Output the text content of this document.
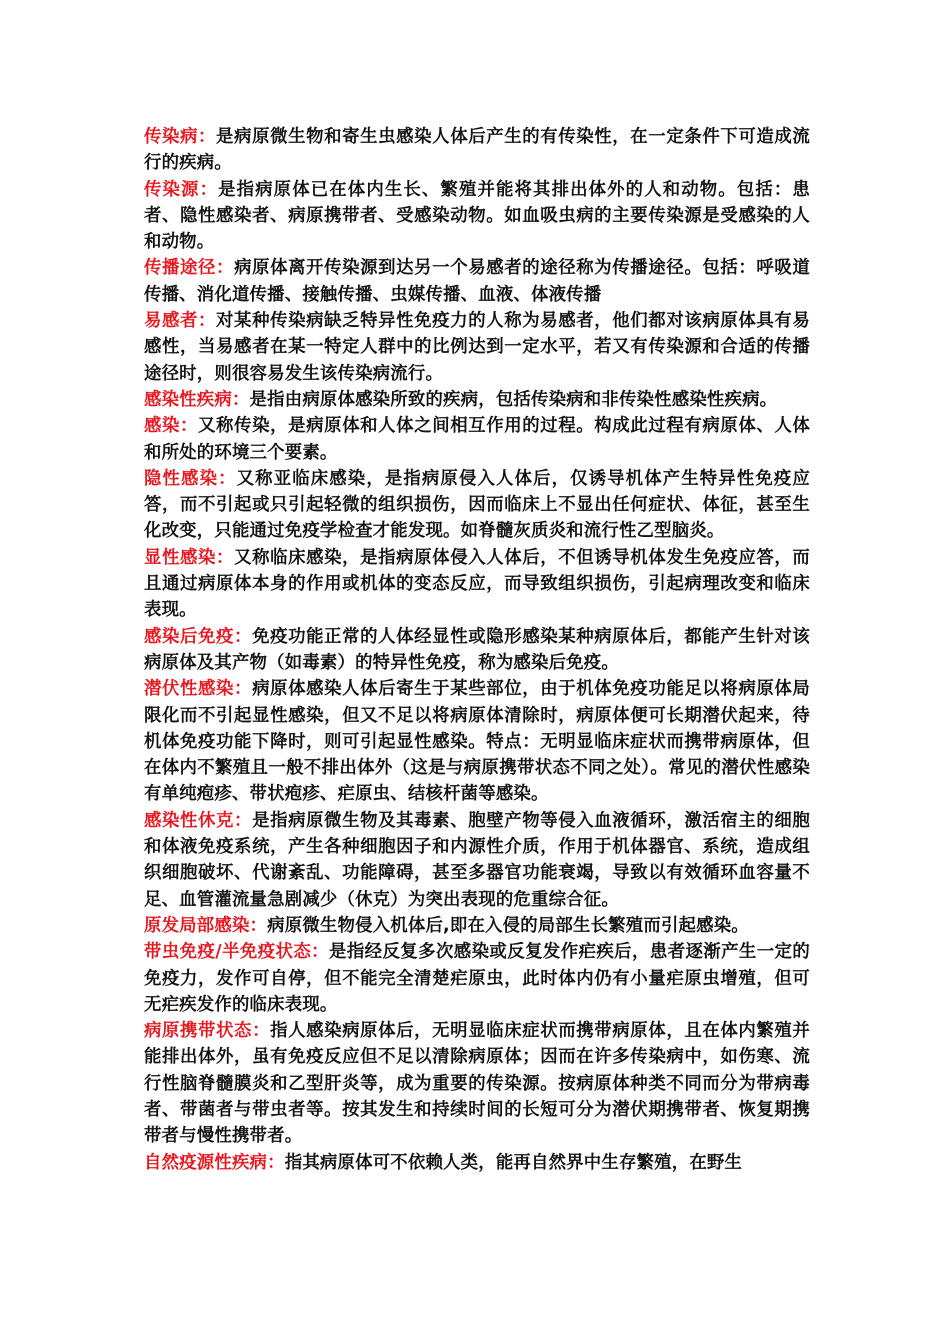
传染病：是病原微生物和寄生虫感染人体后产生的有传染性，在一定条件下可造成流行的疾病。

传染源：是指病原体已在体内生长、繁殖并能将其排出体外的人和动物。包括：患者、隐性感染者、病原携带者、受感染动物。如血吸虫病的主要传染源是受感染的人和动物。

传播途径：病原体离开传染源到达另一个易感者的途径称为传播途径。包括：呼吸道传播、消化道传播、接触传播、虫媒传播、血液、体液传播

易感者：对某种传染病缺乏特异性免疫力的人称为易感者，他们都对该病原体具有易感性，当易感者在某一特定人群中的比例达到一定水平，若又有传染源和合适的传播途径时，则很容易发生该传染病流行。

感染性疾病：是指由病原体感染所致的疾病，包括传染病和非传染性感染性疾病。

感染：又称传染，是病原体和人体之间相互作用的过程。构成此过程有病原体、人体和所处的环境三个要素。

隐性感染：又称亚临床感染，是指病原侵入人体后，仅诱导机体产生特异性免疫应答，而不引起或只引起轻微的组织损伤，因而临床上不显出任何症状、体征，甚至生化改变，只能通过免疫学检查才能发现。如脊髓灰质炎和流行性乙型脑炎。

显性感染：又称临床感染，是指病原体侵入人体后，不但诱导机体发生免疫应答，而且通过病原体本身的作用或机体的变态反应，而导致组织损伤，引起病理改变和临床表现。

感染后免疫：免疫功能正常的人体经显性或隐形感染某种病原体后，都能产生针对该病原体及其产物（如毒素）的特异性免疫，称为感染后免疫。

潜伏性感染：病原体感染人体后寄生于某些部位，由于机体免疫功能足以将病原体局限化而不引起显性感染，但又不足以将病原体清除时，病原体便可长期潜伏起来，待机体免疫功能下降时，则可引起显性感染。特点：无明显临床症状而携带病原体，但在体内不繁殖且一般不排出体外（这是与病原携带状态不同之处）。常见的潜伏性感染有单纯疱疹、带状疱疹、疟原虫、结核杆菌等感染。

感染性休克：是指病原微生物及其毒素、胞壁产物等侵入血液循环，激活宿主的细胞和体液免疫系统，产生各种细胞因子和内源性介质，作用于机体器官、系统，造成组织细胞破坏、代谢紊乱、功能障碍，甚至多器官功能衰竭，导致以有效循环血容量不足、血管灌流量急剧减少（休克）为突出表现的危重综合征。

原发局部感染：病原微生物侵入机体后,即在入侵的局部生长繁殖而引起感染。

带虫免疫/半免疫状态：是指经反复多次感染或反复发作疟疾后，患者逐渐产生一定的免疫力，发作可自停，但不能完全清楚疟原虫，此时体内仍有小量疟原虫增殖，但可无疟疾发作的临床表现。

病原携带状态：指人感染病原体后，无明显临床症状而携带病原体，且在体内繁殖并能排出体外，虽有免疫反应但不足以清除病原体；因而在许多传染病中，如伤寒、流行性脑脊髓膜炎和乙型肝炎等，成为重要的传染源。按病原体种类不同而分为带病毒者、带菌者与带虫者等。按其发生和持续时间的长短可分为潜伏期携带者、恢复期携带者与慢性携带者。

自然疫源性疾病：指其病原体可不依赖人类，能再自然界中生存繁殖，在野生
